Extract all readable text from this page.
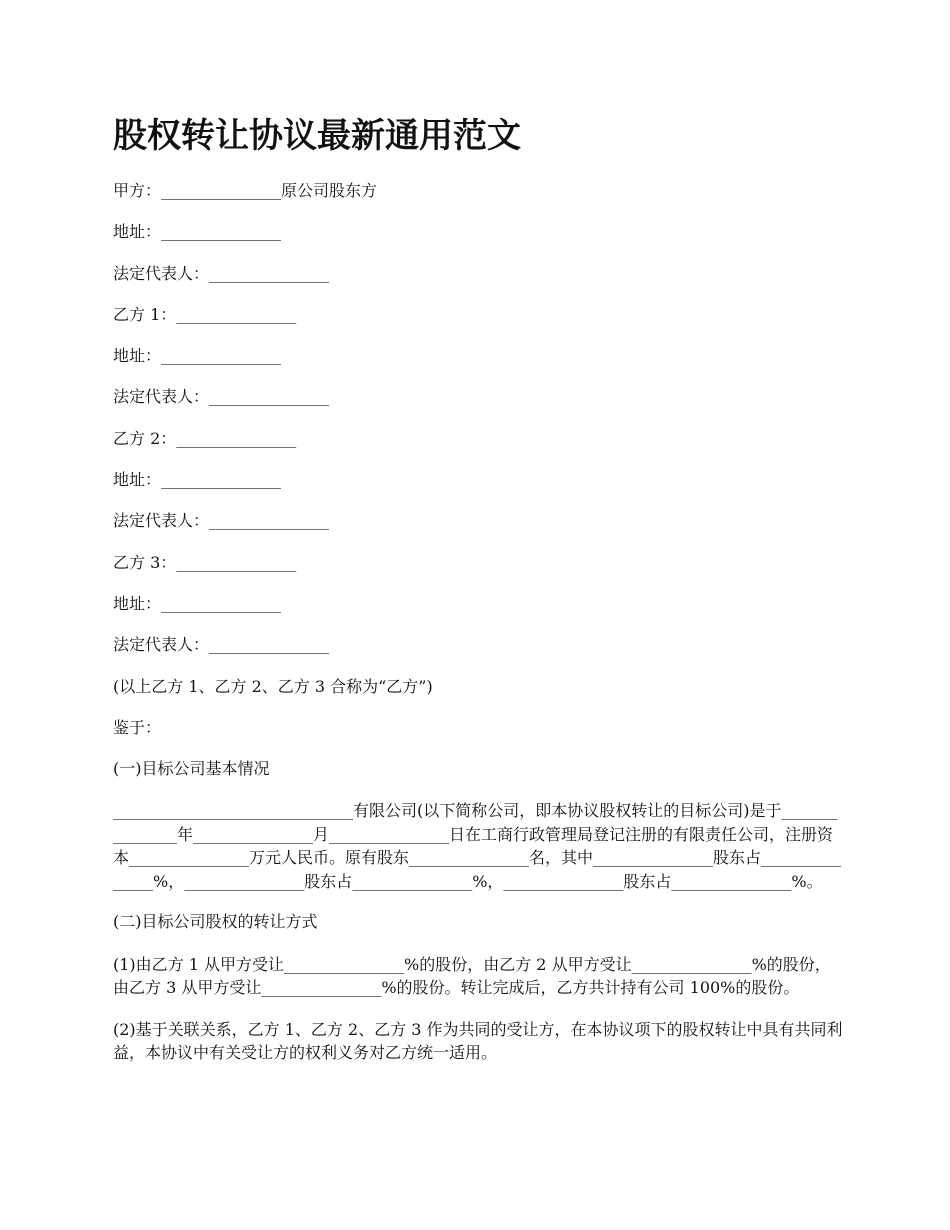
股权转让协议最新通用范文
甲方：_______________原公司股东方
地址：_______________
法定代表人：_______________
乙方 1：_______________
地址：_______________
法定代表人：_______________
乙方 2：_______________
地址：_______________
法定代表人：_______________
乙方 3：_______________
地址：_______________
法定代表人：_______________
(以上乙方 1、乙方 2、乙方 3 合称为“乙方”)
鉴于：
(一)目标公司基本情况
______________________________有限公司(以下简称公司，即本协议股权转让的目标公司)是于_______________年_______________月_______________日在工商行政管理局登记注册的有限责任公司，注册资本_______________万元人民币。原有股东_______________名，其中_______________股东占_______________%，_______________股东占_______________%，_______________股东占_______________%。
(二)目标公司股权的转让方式
(1)由乙方 1 从甲方受让_______________%的股份，由乙方 2 从甲方受让_______________%的股份，由乙方 3 从甲方受让_______________%的股份。转让完成后，乙方共计持有公司 100%的股份。
(2)基于关联关系，乙方 1、乙方 2、乙方 3 作为共同的受让方，在本协议项下的股权转让中具有共同利益，本协议中有关受让方的权利义务对乙方统一适用。
